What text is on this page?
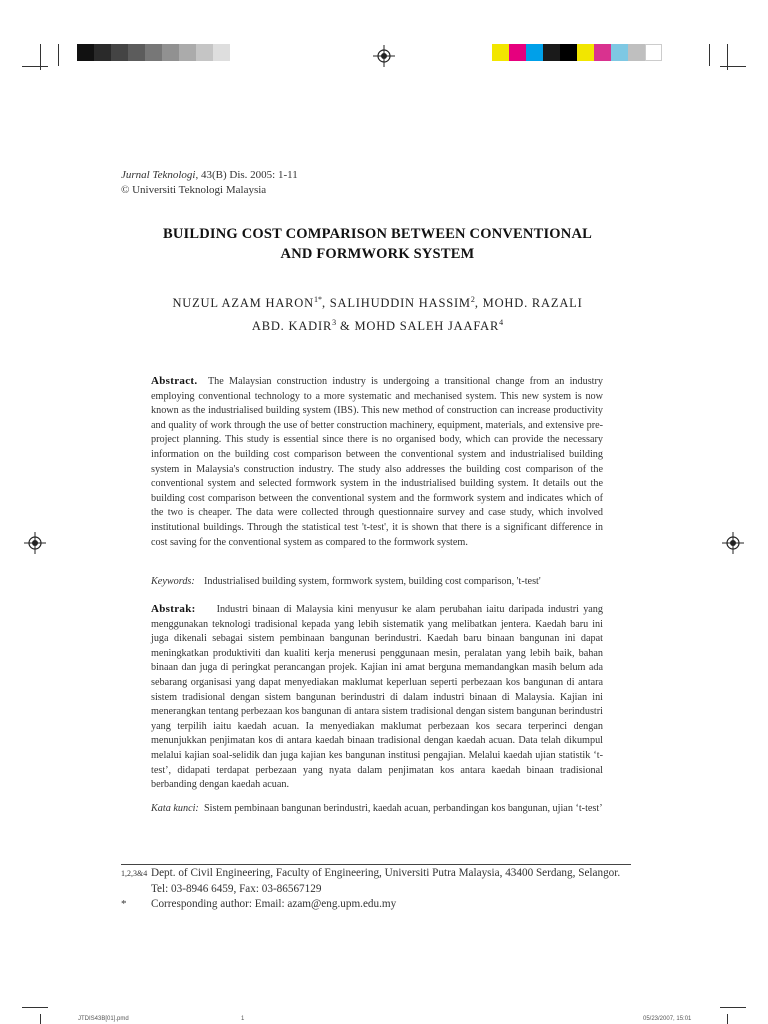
Jurnal Teknologi, 43(B) Dis. 2005: 1-11
© Universiti Teknologi Malaysia
BUILDING COST COMPARISON BETWEEN CONVENTIONAL
AND FORMWORK SYSTEM
NUZUL AZAM $HARON^{1*}$, SALIHUDDIN HASSIM$^2$, MOHD. RAZALI
ABD. KADIR$^3$ & MOHD SALEH JAAFAR$^4$
Abstract. The Malaysian construction industry is undergoing a transitional change from an industry employing conventional technology to a more systematic and mechanised system. This new system is now known as the industrialised building system (IBS). This new method of construction can increase productivity and quality of work through the use of better construction machinery, equipment, materials, and extensive pre-project planning. This study is essential since there is no organised body, which can provide the necessary information on the building cost comparison between the conventional system and industrialised building system in Malaysia's construction industry. The study also addresses the building cost comparison of the conventional system and selected formwork system in the industrialised building system. It details out the building cost comparison between the conventional system and the formwork system and indicates which of the two is cheaper. The data were collected through questionnaire survey and case study, which involved institutional buildings. Through the statistical test 't-test', it is shown that there is a significant difference in cost saving for the conventional system as compared to the formwork system.
Keywords: Industrialised building system, formwork system, building cost comparison, 't-test'
Abstrak: Industri binaan di Malaysia kini menyusur ke alam perubahan iaitu daripada industri yang menggunakan teknologi tradisional kepada yang lebih sistematik yang melibatkan jentera. Kaedah baru ini juga dikenali sebagai sistem pembinaan bangunan berindustri. Kaedah baru binaan bangunan ini dapat meningkatkan produktiviti dan kualiti kerja menerusi penggunaan mesin, peralatan yang lebih baik, bahan binaan dan juga di peringkat perancangan projek. Kajian ini amat berguna memandangkan masih belum ada sebarang organisasi yang dapat menyediakan maklumat keperluan seperti perbezaan kos bangunan di antara sistem tradisional dengan sistem bangunan berindustri di dalam industri binaan di Malaysia. Kajian ini menerangkan tentang perbezaan kos bangunan di antara sistem tradisional dengan sistem bangunan berindustri yang terpilih iaitu kaedah acuan. Ia menyediakan maklumat perbezaan kos secara terperinci dengan menunjukkan penjimatan kos di antara kaedah binaan tradisional dengan kaedah acuan. Data telah dikumpul melalui kajian soal-selidik dan juga kajian kes bangunan institusi pengajian. Melalui kaedah ujian statistik ‘t-test’, didapati terdapat perbezaan yang nyata dalam penjimatan kos antara kaedah binaan tradisional berbanding dengan kaedah acuan.
Kata kunci: Sistem pembinaan bangunan berindustri, kaedah acuan, perbandingan kos bangunan, ujian ‘t-test’
1,2,3&4 Dept. of Civil Engineering, Faculty of Engineering, Universiti Putra Malaysia, 43400 Serdang, Selangor. Tel: 03-8946 6459, Fax: 03-86567129
* Corresponding author: Email: azam@eng.upm.edu.my
JTDIS43B[01].pmd	1	05/23/2007, 15:01
